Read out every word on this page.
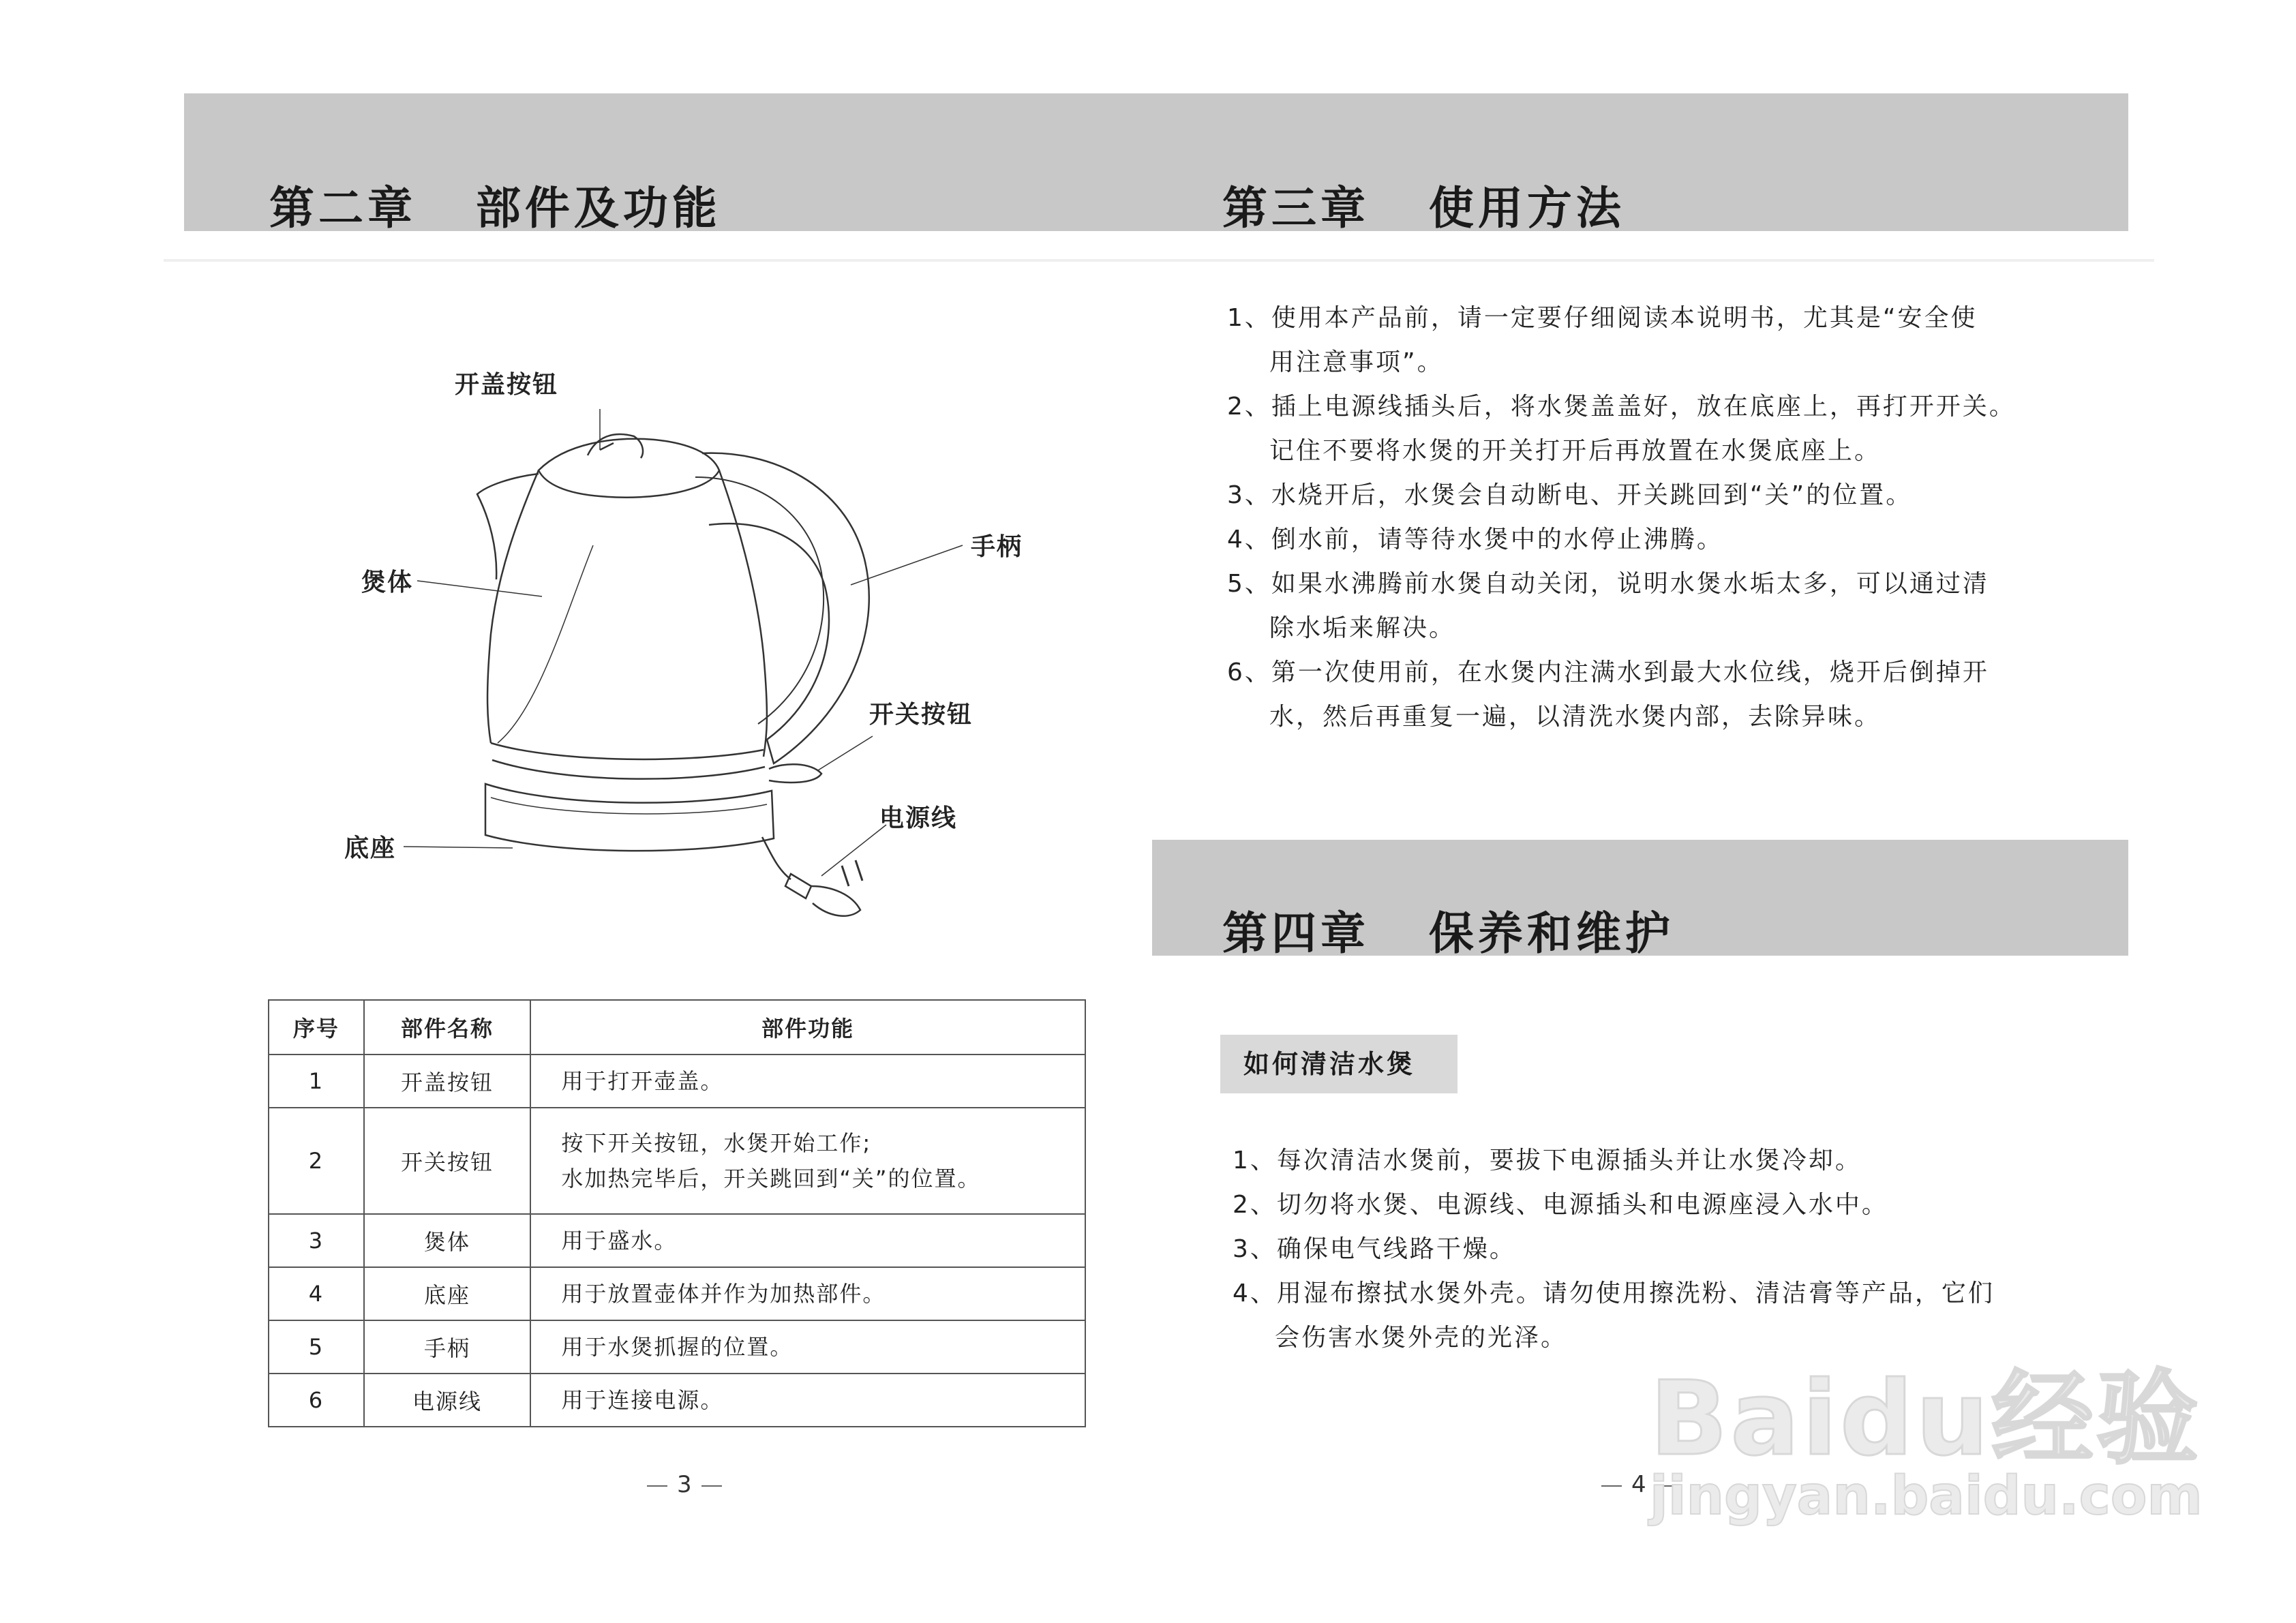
第二章   部件及功能	第三章   使用方法
第四章   保养和维护
开盖按钮
煲体
手柄
开关按钮
电源线
底座
序号	部件名称	部件功能
1	开盖按钮	用于打开壶盖。

2	开关按钮	按下开关按钮，水煲开始工作;
水加热完毕后，开关跳回到“关”的位置。

3	煲体	用于盛水。

4	底座	用于放置壶体并作为加热部件。

5	手柄	用于水煲抓握的位置。

6	电源线	用于连接电源。
1、使用本产品前，请一定要仔细阅读本说明书，尤其是“安全使
用注意事项”。
2、插上电源线插头后，将水煲盖盖好，放在底座上，再打开开关。
记住不要将水煲的开关打开后再放置在水煲底座上。
3、水烧开后，水煲会自动断电、开关跳回到“关”的位置。
4、倒水前，请等待水煲中的水停止沸腾。
5、如果水沸腾前水煲自动关闭，说明水煲水垢太多，可以通过清
除水垢来解决。
6、第一次使用前，在水煲内注满水到最大水位线，烧开后倒掉开
水，然后再重复一遍，以清洗水煲内部，去除异味。
如何清洁水煲
1、每次清洁水煲前，要拔下电源插头并让水煲冷却。
2、切勿将水煲、电源线、电源插头和电源座浸入水中。
3、确保电气线路干燥。
4、用湿布擦拭水煲外壳。请勿使用擦洗粉、清洁膏等产品，它们
会伤害水煲外壳的光泽。
3	4
Baidu经验
jingyan.baidu.com
